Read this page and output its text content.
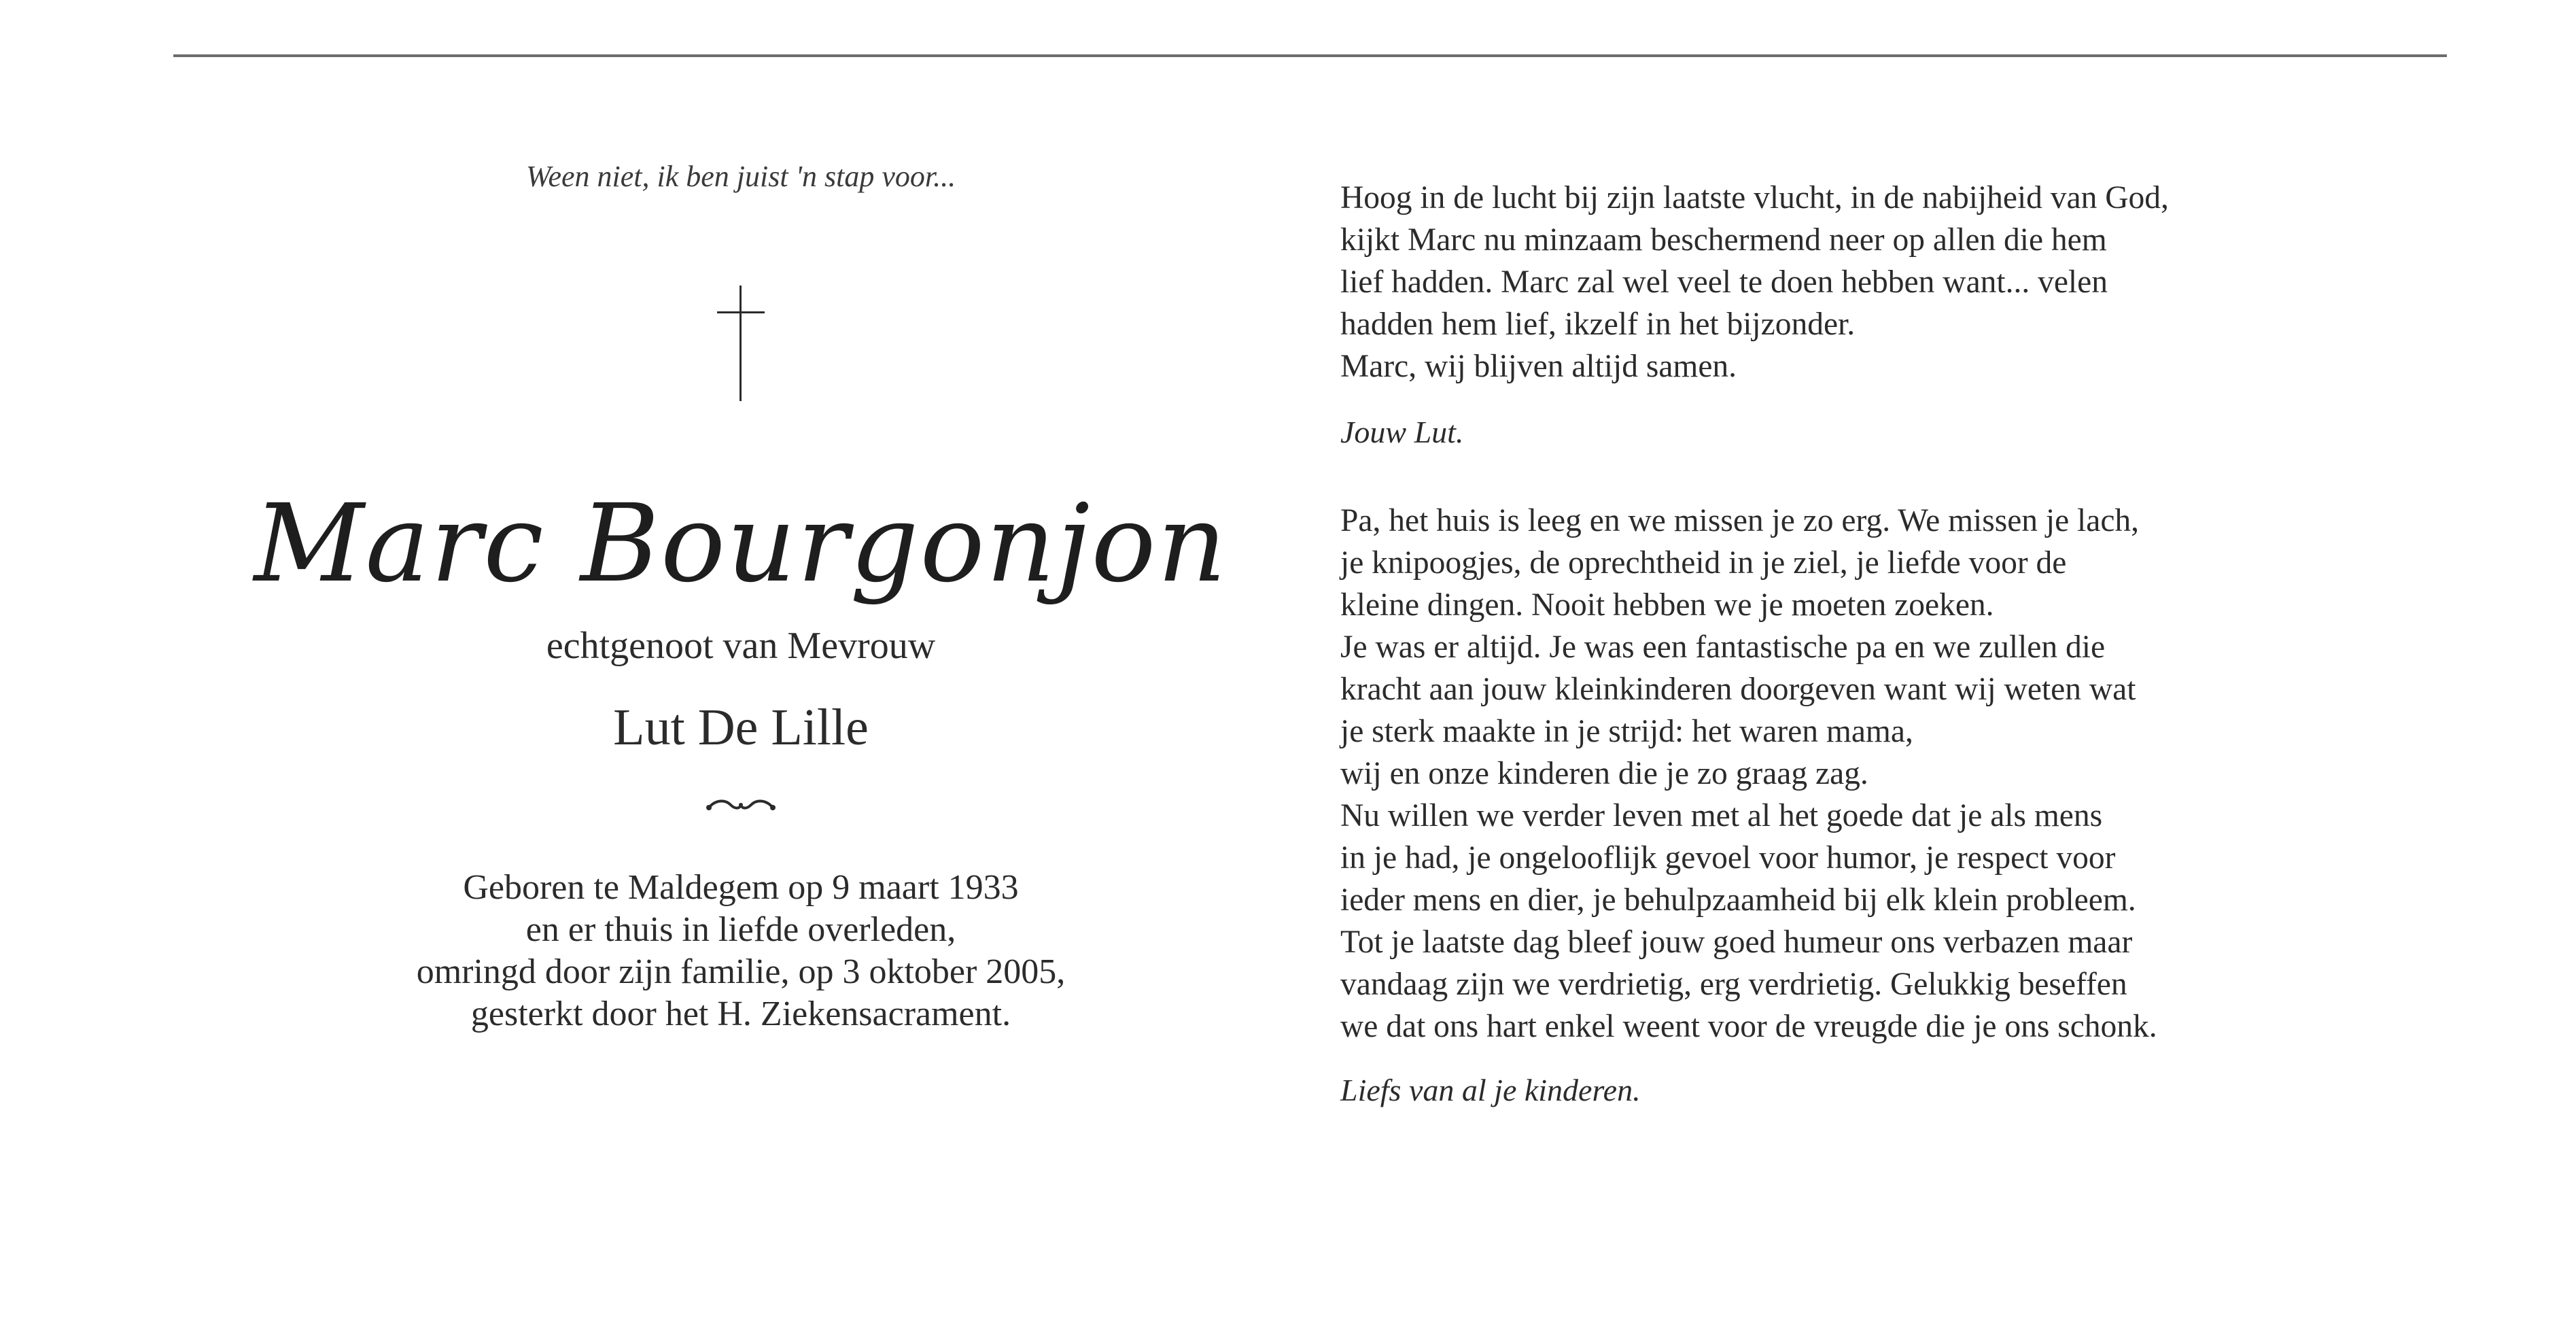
Ween niet, ik ben juist 'n stap voor...
Marc Bourgonjon
echtgenoot van Mevrouw
Lut De Lille
Geboren te Maldegem op 9 maart 1933
en er thuis in liefde overleden,
omringd door zijn familie, op 3 oktober 2005,
gesterkt door het H. Ziekensacrament.
Hoog in de lucht bij zijn laatste vlucht, in de nabijheid van God,
kijkt Marc nu minzaam beschermend neer op allen die hem
lief hadden. Marc zal wel veel te doen hebben want... velen
hadden hem lief, ikzelf in het bijzonder.
Marc, wij blijven altijd samen.
Jouw Lut.
Pa, het huis is leeg en we missen je zo erg. We missen je lach,
je knipoogjes, de oprechtheid in je ziel, je liefde voor de
kleine dingen. Nooit hebben we je moeten zoeken.
Je was er altijd. Je was een fantastische pa en we zullen die
kracht aan jouw kleinkinderen doorgeven want wij weten wat
je sterk maakte in je strijd: het waren mama,
wij en onze kinderen die je zo graag zag.
Nu willen we verder leven met al het goede dat je als mens
in je had, je ongelooflijk gevoel voor humor, je respect voor
ieder mens en dier, je behulpzaamheid bij elk klein probleem.
Tot je laatste dag bleef jouw goed humeur ons verbazen maar
vandaag zijn we verdrietig, erg verdrietig. Gelukkig beseffen
we dat ons hart enkel weent voor de vreugde die je ons schonk.
Liefs van al je kinderen.
